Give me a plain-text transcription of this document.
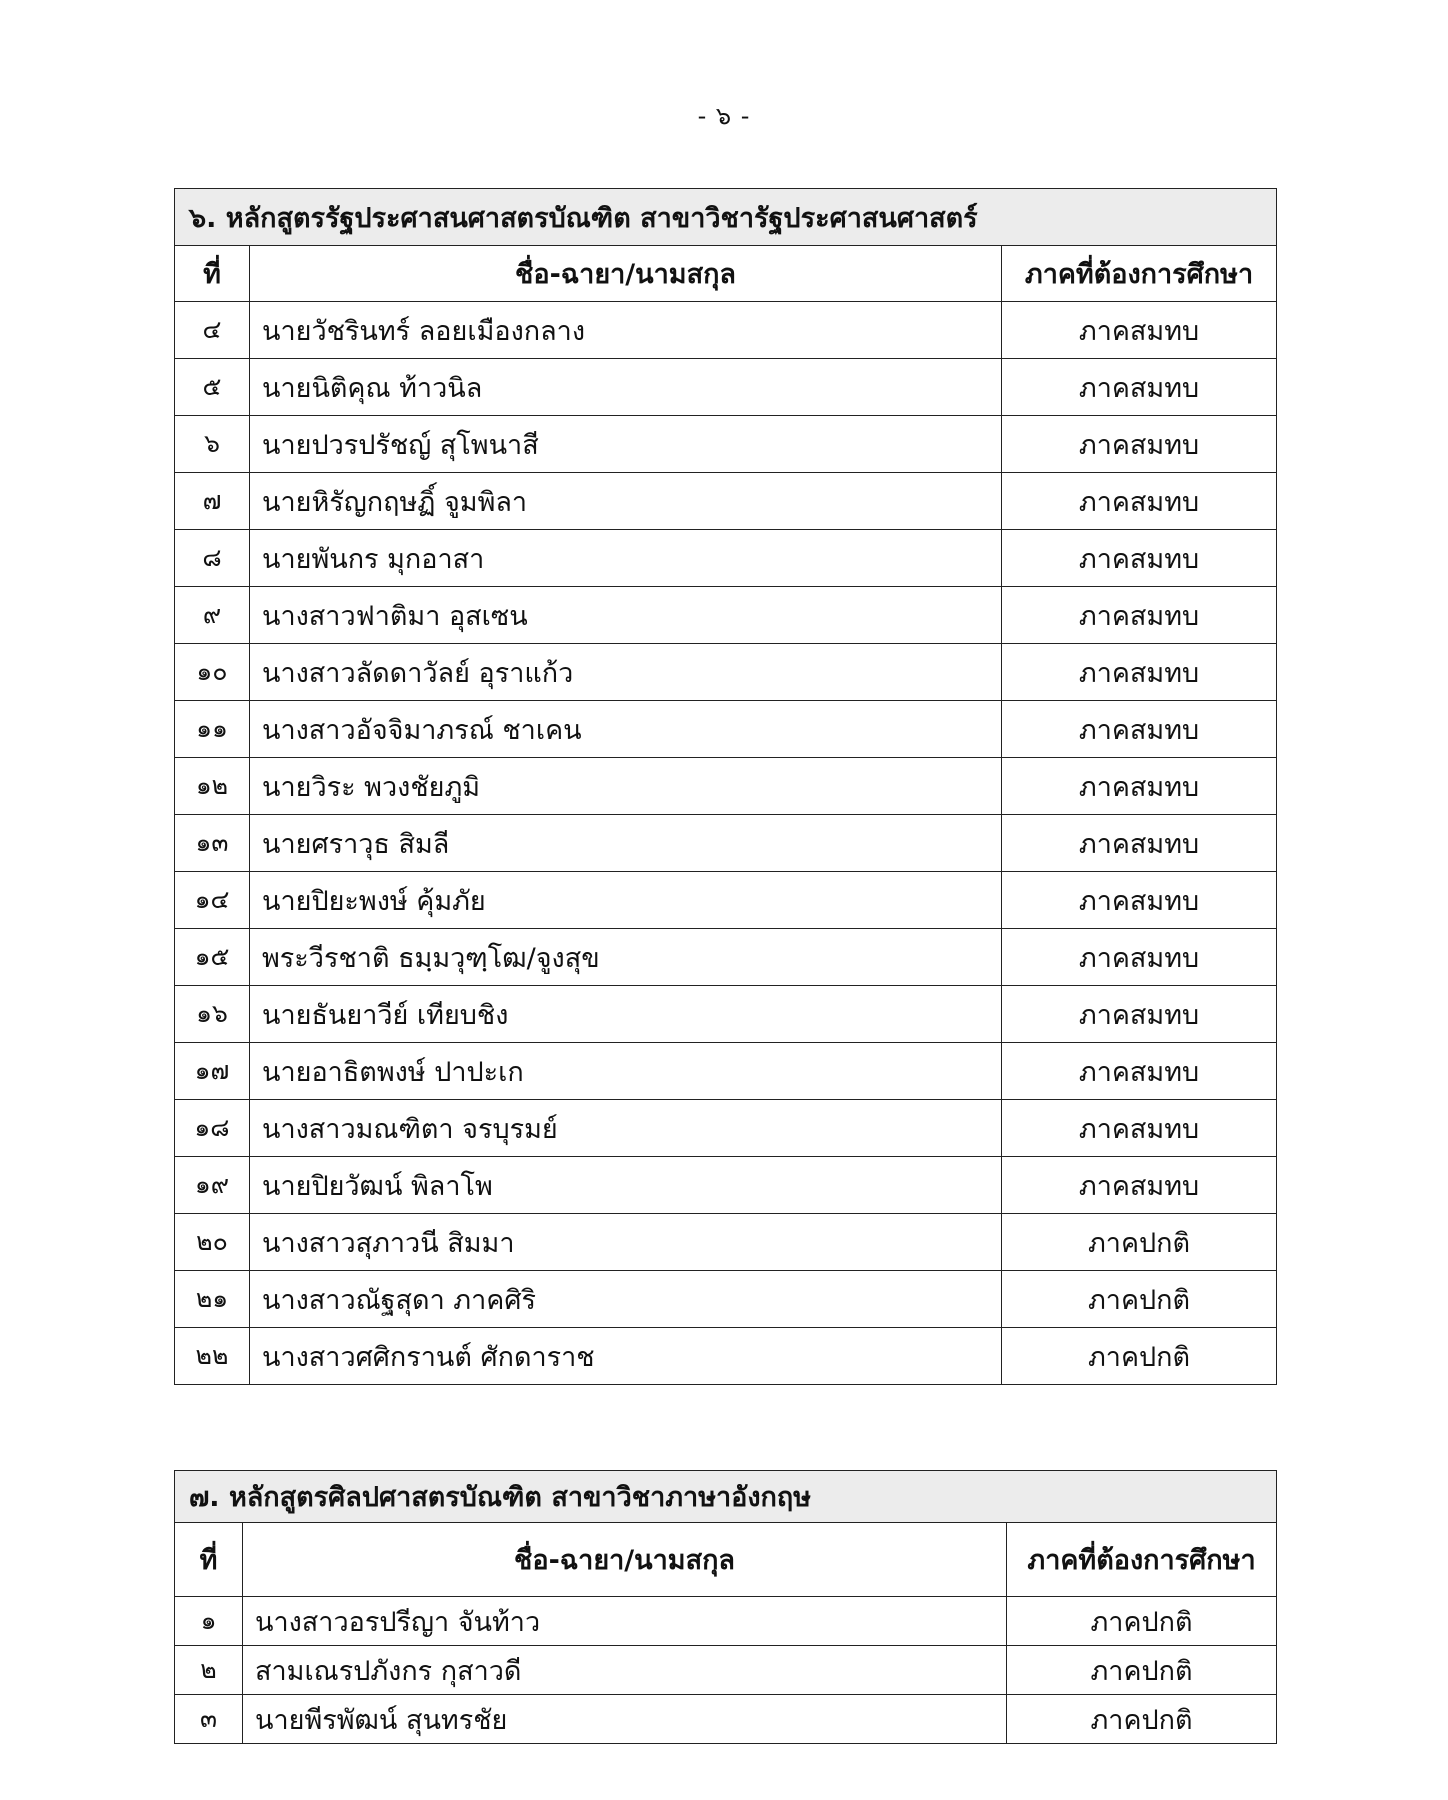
- ๖ -
๖. หลักสูตรรัฐประศาสนศาสตรบัณฑิต สาขาวิชารัฐประศาสนศาสตร์		
ที่	ชื่อ-ฉายา/นามสกุล	ภาคที่ต้องการศึกษา
๔	นายวัชรินทร์ ลอยเมืองกลาง	ภาคสมทบ
๕	นายนิติคุณ ท้าวนิล	ภาคสมทบ
๖	นายปวรปรัชญ์ สุโพนาสี	ภาคสมทบ
๗	นายหิรัญกฤษฏิ์ จูมพิลา	ภาคสมทบ
๘	นายพันกร มุกอาสา	ภาคสมทบ
๙	นางสาวฟาติมา อุสเซน	ภาคสมทบ
๑๐	นางสาวลัดดาวัลย์ อุราแก้ว	ภาคสมทบ
๑๑	นางสาวอัจจิมาภรณ์ ชาเคน	ภาคสมทบ
๑๒	นายวิระ พวงชัยภูมิ	ภาคสมทบ
๑๓	นายศราวุธ สิมลี	ภาคสมทบ
๑๔	นายปิยะพงษ์ คุ้มภัย	ภาคสมทบ
๑๕	พระวีรชาติ ธมฺมวุฑฺโฒ/จูงสุข	ภาคสมทบ
๑๖	นายธันยาวีย์ เทียบชิง	ภาคสมทบ
๑๗	นายอาธิตพงษ์ ปาปะเก	ภาคสมทบ
๑๘	นางสาวมณฑิตา จรบุรมย์	ภาคสมทบ
๑๙	นายปิยวัฒน์ พิลาโพ	ภาคสมทบ
๒๐	นางสาวสุภาวนี สิมมา	ภาคปกติ
๒๑	นางสาวณัฐสุดา ภาคศิริ	ภาคปกติ
๒๒	นางสาวศศิกรานต์ ศักดาราช	ภาคปกติ
๗. หลักสูตรศิลปศาสตรบัณฑิต สาขาวิชาภาษาอังกฤษ		
ที่	ชื่อ-ฉายา/นามสกุล	ภาคที่ต้องการศึกษา
๑	นางสาวอรปรีญา จันท้าว	ภาคปกติ
๒	สามเณรปภังกร กุสาวดี	ภาคปกติ
๓	นายพีรพัฒน์ สุนทรชัย	ภาคปกติ
